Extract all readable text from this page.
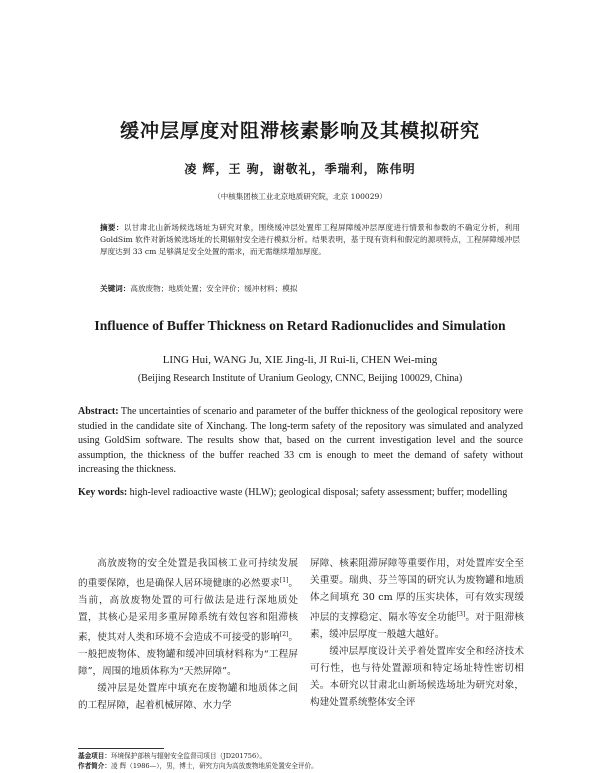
缓冲层厚度对阻滞核素影响及其模拟研究
凌 辉，王 驹，谢敬礼，季瑞利，陈伟明
（中核集团核工业北京地质研究院，北京 100029）
摘要：以甘肃北山新场候选场址为研究对象，围绕缓冲层处置库工程屏障缓冲层厚度进行情景和参数的不确定分析，利用 GoldSim 软件对新场候选场址的长期辐射安全进行模拟分析。结果表明，基于现有资料和假定的源项特点，工程屏障缓冲层厚度达到 33 cm 足够满足安全处置的需求，而无需继续增加厚度。
关键词：高放废物；地质处置；安全评价；缓冲材料；模拟
Influence of Buffer Thickness on Retard Radionuclides and Simulation
LING Hui, WANG Ju, XIE Jing-li, JI Rui-li, CHEN Wei-ming
(Beijing Research Institute of Uranium Geology, CNNC, Beijing 100029, China)
Abstract: The uncertainties of scenario and parameter of the buffer thickness of the geological repository were studied in the candidate site of Xinchang. The long-term safety of the repository was simulated and analyzed using GoldSim software. The results show that, based on the current investigation level and the source assumption, the thickness of the buffer reached 33 cm is enough to meet the demand of safety without increasing the thickness.
Key words: high-level radioactive waste (HLW); geological disposal; safety assessment; buffer; modelling

高放废物的安全处置是我国核工业可持续发展的重要保障，也是确保人居环境健康的必然要求[1]。当前，高放废物处置的可行做法是进行深地质处置，其核心是采用多重屏障系统有效包容和阻滞核素，使其对人类和环境不会造成不可接受的影响[2]。一般把废物体、废物罐和缓冲回填材料称为“工程屏障”，周围的地质体称为“天然屏障”。

缓冲层是处置库中填充在废物罐和地质体之间的工程屏障，起着机械屏障、水力学

屏障、核素阻滞屏障等重要作用，对处置库安全至关重要。瑞典、芬兰等国的研究认为废物罐和地质体之间填充 30 cm 厚的压实块体，可有效实现缓冲层的支撑稳定、隔水等安全功能[3]。对于阻滞核素，缓冲层厚度一般越大越好。

缓冲层厚度设计关乎着处置库安全和经济技术可行性，也与待处置源项和特定场址特性密切相关。本研究以甘肃北山新场候选场址为研究对象，构建处置系统整体安全评

基金项目：环境保护部核与辐射安全监督司项目（JD201756）。
作者简介：凌 辉（1986—），男，博士，研究方向为高放废物地质处置安全评价。
